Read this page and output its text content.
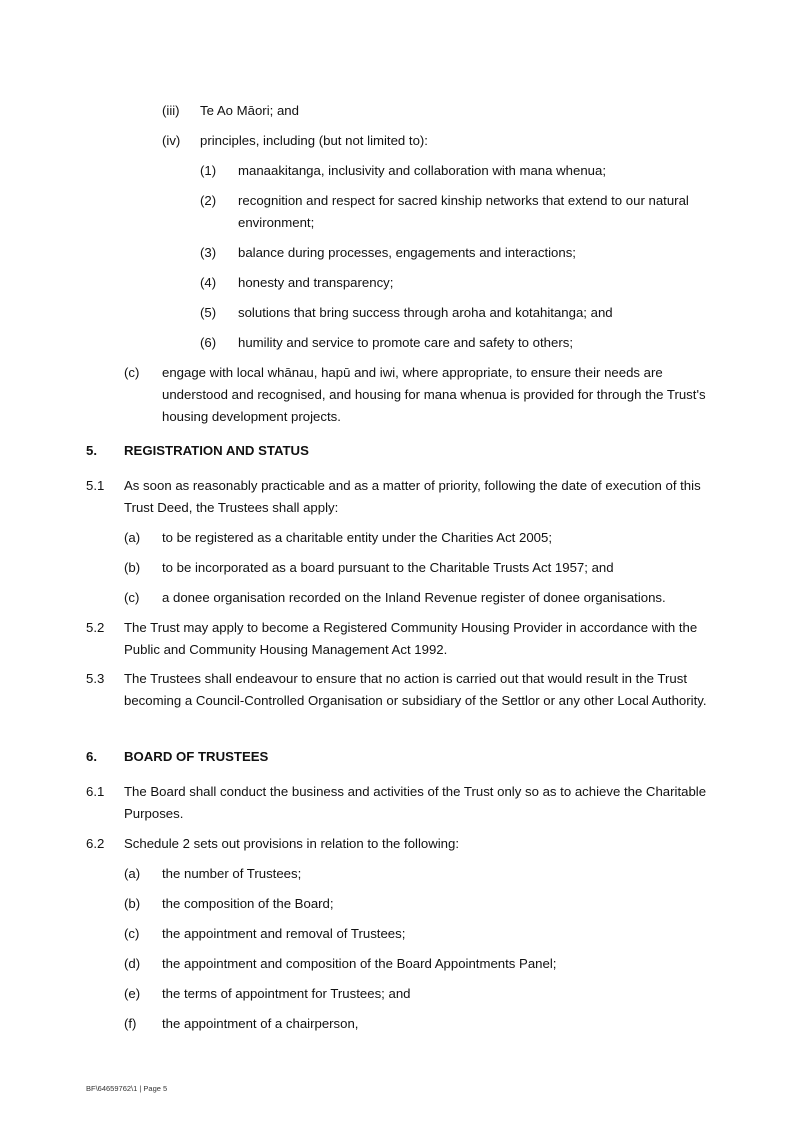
(iii) Te Ao Māori; and
(iv) principles, including (but not limited to):
(1) manaakitanga, inclusivity and collaboration with mana whenua;
(2) recognition and respect for sacred kinship networks that extend to our natural environment;
(3) balance during processes, engagements and interactions;
(4) honesty and transparency;
(5) solutions that bring success through aroha and kotahitanga; and
(6) humility and service to promote care and safety to others;
(c) engage with local whānau, hapū and iwi, where appropriate, to ensure their needs are understood and recognised, and housing for mana whenua is provided for through the Trust's housing development projects.
5. REGISTRATION AND STATUS
5.1 As soon as reasonably practicable and as a matter of priority, following the date of execution of this Trust Deed, the Trustees shall apply:
(a) to be registered as a charitable entity under the Charities Act 2005;
(b) to be incorporated as a board pursuant to the Charitable Trusts Act 1957; and
(c) a donee organisation recorded on the Inland Revenue register of donee organisations.
5.2 The Trust may apply to become a Registered Community Housing Provider in accordance with the Public and Community Housing Management Act 1992.
5.3 The Trustees shall endeavour to ensure that no action is carried out that would result in the Trust becoming a Council-Controlled Organisation or subsidiary of the Settlor or any other Local Authority.
6. BOARD OF TRUSTEES
6.1 The Board shall conduct the business and activities of the Trust only so as to achieve the Charitable Purposes.
6.2 Schedule 2 sets out provisions in relation to the following:
(a) the number of Trustees;
(b) the composition of the Board;
(c) the appointment and removal of Trustees;
(d) the appointment and composition of the Board Appointments Panel;
(e) the terms of appointment for Trustees; and
(f) the appointment of a chairperson,
BF\64659762\1 | Page 5
